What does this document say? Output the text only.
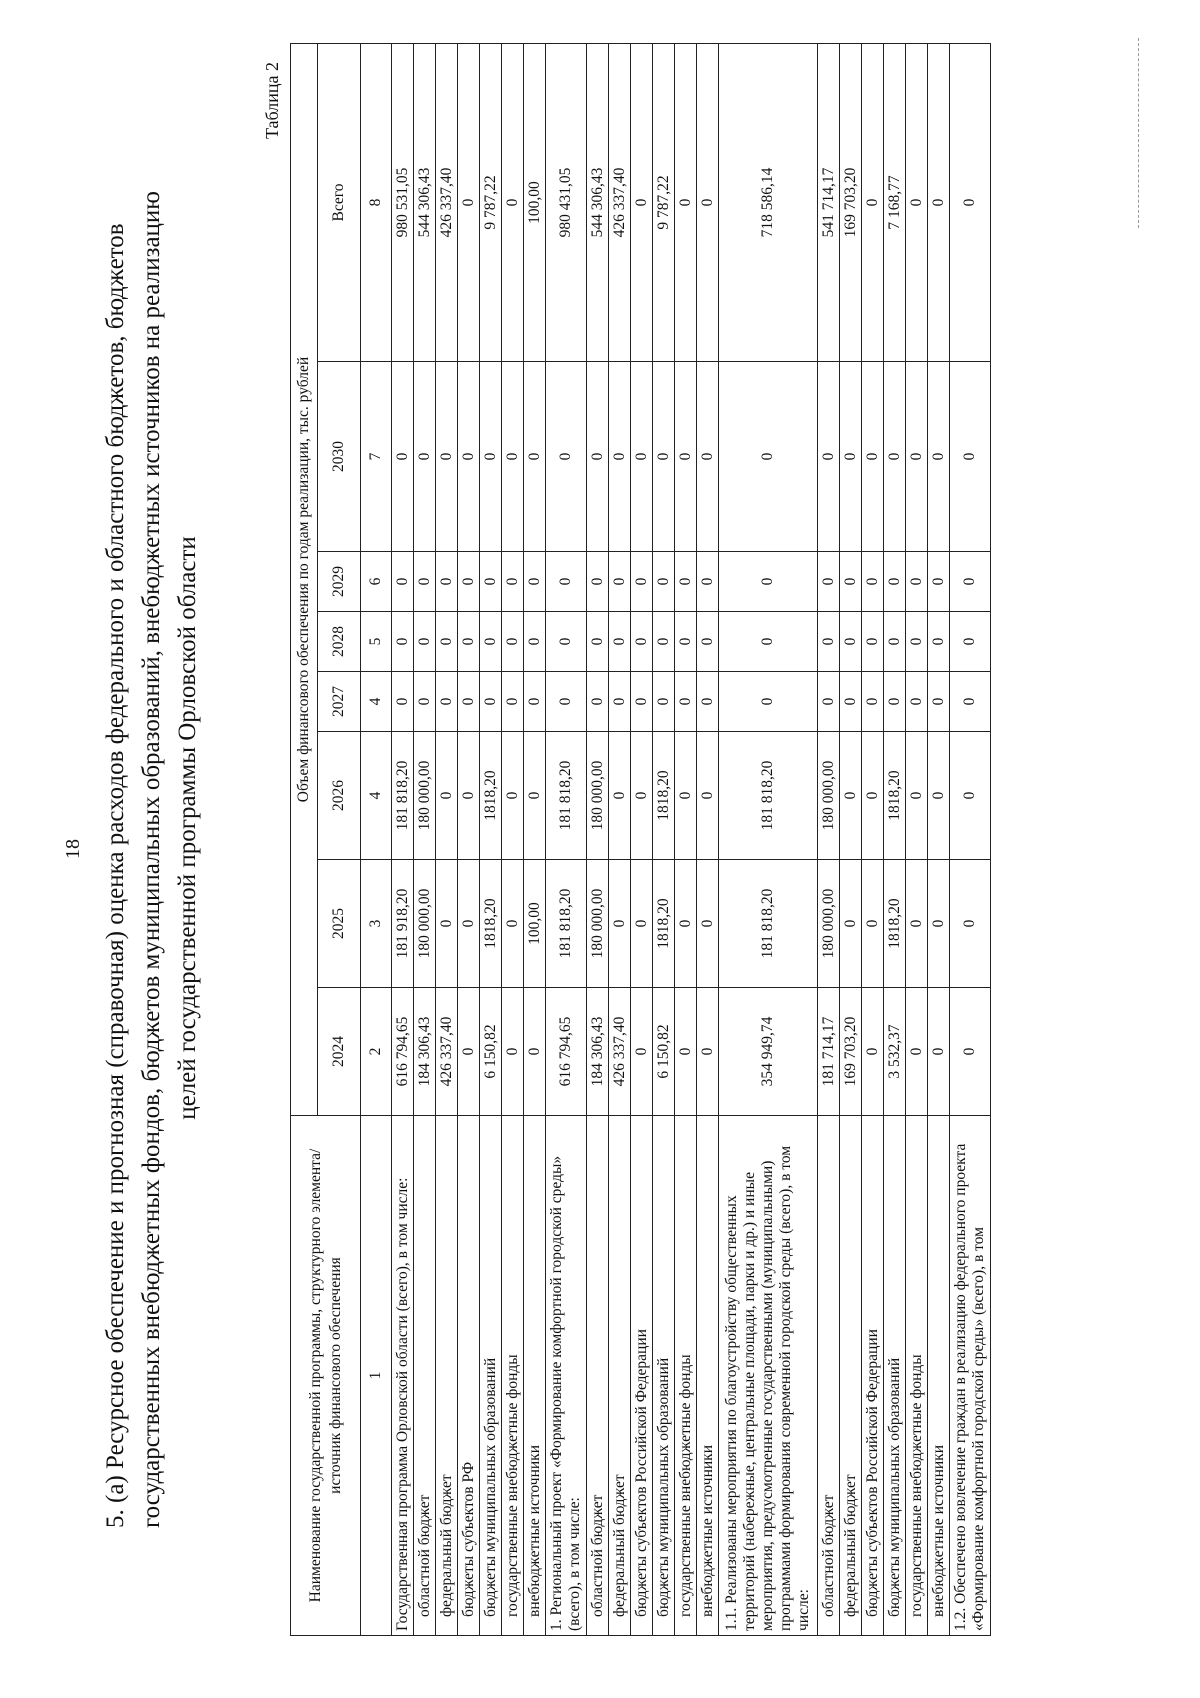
18 5. (а) Ресурсное обеспечение и прогнозная (справочная) оценка расходов федерального и областного бюджетов, бюджетов государственных внебюджетных фондов, бюджетов муниципальных образований, внебюджетных источников на реализацию целей государственной программы Орловской области
Таблица 2
Наименование государственной программы, структурного элемента/источник финансового обеспечения	Объем финансового обеспечения по годам реализации, тыс. рублей							
	2024	2025	2026	2027	2028	2029	2030	Всего
1	2	3	4	4	5	6	7	8
Государственная программа Орловской области (всего), в том числе:	616 794,65	181 918,20	181 818,20	0	0	0	0	980 531,05
областной бюджет	184 306,43	180 000,00	180 000,00	0	0	0	0	544 306,43
федеральный бюджет	426 337,40	0	0	0	0	0	0	426 337,40
бюджеты субъектов РФ	0	0	0	0	0	0	0	0
бюджеты муниципальных образований	6 150,82	1818,20	1818,20	0	0	0	0	9 787,22
государственные внебюджетные фонды	0	0	0	0	0	0	0	0
внебюджетные источники	0	100,00	0	0	0	0	0	100,00
1. Региональный проект «Формирование комфортной городской среды» (всего), в том числе:	616 794,65	181 818,20	181 818,20	0	0	0	0	980 431,05
областной бюджет	184 306,43	180 000,00	180 000,00	0	0	0	0	544 306,43
федеральный бюджет	426 337,40	0	0	0	0	0	0	426 337,40
бюджеты субъектов Российской Федерации	0	0	0	0	0	0	0	0
бюджеты муниципальных образований	6 150,82	1818,20	1818,20	0	0	0	0	9 787,22
государственные внебюджетные фонды	0	0	0	0	0	0	0	0
внебюджетные источники	0	0	0	0	0	0	0	0
1.1. Реализованы мероприятия по благоустройству общественных территорий (набережные, центральные площади, парки и др.) и иные мероприятия, предусмотренные государственными (муниципальными) программами формирования современной городской среды (всего), в том числе:	354 949,74	181 818,20	181 818,20	0	0	0	0	718 586,14
областной бюджет	181 714,17	180 000,00	180 000,00	0	0	0	0	541 714,17
федеральный бюджет	169 703,20	0	0	0	0	0	0	169 703,20
бюджеты субъектов Российской Федерации	0	0	0	0	0	0	0	0
бюджеты муниципальных образований	3 532,37	1818,20	1818,20	0	0	0	0	7 168,77
государственные внебюджетные фонды	0	0	0	0	0	0	0	0
внебюджетные источники	0	0	0	0	0	0	0	0
1.2. Обеспечено вовлечение граждан в реализацию федерального проекта «Формирование комфортной городской среды» (всего), в том	0	0	0	0	0	0	0	0
